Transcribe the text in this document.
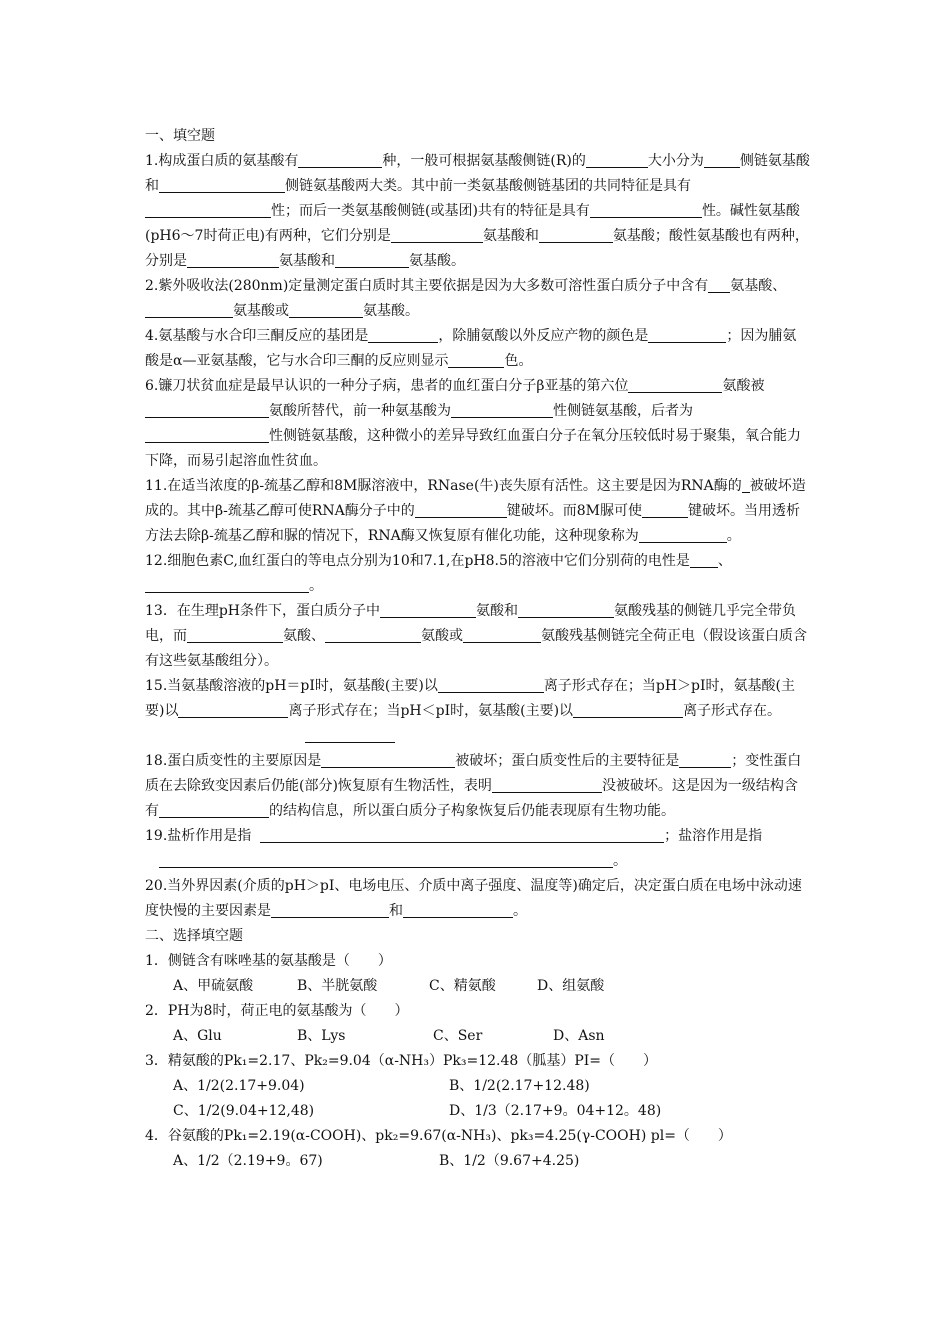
一、填空题

1.构成蛋白质的氨基酸有	种，一般可根据氨基酸侧链(R)的	大小分为	侧链氨基酸和	侧链氨基酸两大类。其中前一类氨基酸侧链基团的共同特征是具有性；而后一类氨基酸侧链(或基团)共有的特征是具有	性。碱性氨基酸(pH6～7时荷正电)有两种，它们分别是	氨基酸和	氨基酸；酸性氨基酸也有两种，分别是	氨基酸和	氨基酸。

2.紫外吸收法(280nm)定量测定蛋白质时其主要依据是因为大多数可溶性蛋白质分子中含有 氨基酸、氨基酸或	氨基酸。

4.氨基酸与水合印三酮反应的基团是	，除脯氨酸以外反应产物的颜色是	；因为脯氨酸是α—亚氨基酸，它与水合印三酮的反应则显示	色。

6.镰刀状贫血症是最早认识的一种分子病，患者的血红蛋白分子β亚基的第六位	氨酸被氨酸所替代，前一种氨基酸为	性侧链氨基酸，后者为性侧链氨基酸，这种微小的差异导致红血蛋白分子在氧分压较低时易于聚集，氧合能力下降，而易引起溶血性贫血。

11.在适当浓度的β-巯基乙醇和8M脲溶液中，RNase(牛)丧失原有活性。这主要是因为RNA酶的 被破坏造成的。其中β-巯基乙醇可使RNA酶分子中的	键破坏。而8M脲可使	键破坏。当用透析方法去除β-巯基乙醇和脲的情况下，RNA酶又恢复原有催化功能，这种现象称为	。

12.细胞色素C,血红蛋白的等电点分别为10和7.1,在pH8.5的溶液中它们分别荷的电性是 、。

13．在生理pH条件下，蛋白质分子中	氨酸和	氨酸残基的侧链几乎完全带负电，而	氨酸、	氨酸或	氨酸残基侧链完全荷正电（假设该蛋白质含有这些氨基酸组分）。

15.当氨基酸溶液的pH＝pI时，氨基酸(主要)以	离子形式存在；当pH＞pI时，氨基酸(主要)以	离子形式存在；当pH＜pI时，氨基酸(主要)以	离子形式存在。

18.蛋白质变性的主要原因是	被破坏；蛋白质变性后的主要特征是	；变性蛋白质在去除致变因素后仍能(部分)恢复原有生物活性，表明	没被破坏。这是因为一级结构含有	的结构信息，所以蛋白质分子构象恢复后仍能表现原有生物功能。

19.盐析作用是指	；盐溶作用是指。

20.当外界因素(介质的pH＞pI、电场电压、介质中离子强度、温度等)确定后，决定蛋白质在电场中泳动速度快慢的主要因素是	和	。

二、选择填空题

1．侧链含有咪唑基的氨基酸是（　　）

A、甲硫氨酸	B、半胱氨酸	C、精氨酸	D、组氨酸

2．PH为8时，荷正电的氨基酸为（　　）

A、Glu	B、Lys	C、Ser	D、Asn

3．精氨酸的Pk₁=2.17、Pk₂=9.04（α-NH₃）Pk₃=12.48（胍基）PI=（　　）

A、1/2(2.17+9.04)	B、1/2(2.17+12.48)
C、1/2(9.04+12,48)	D、1/3（2.17+9。04+12。48)

4．谷氨酸的Pk₁=2.19(α-COOH)、pk₂=9.67(α-NH₃)、pk₃=4.25(γ-COOH) pl=（　　）

A、1/2（2.19+9。67)	B、1/2（9.67+4.25)
